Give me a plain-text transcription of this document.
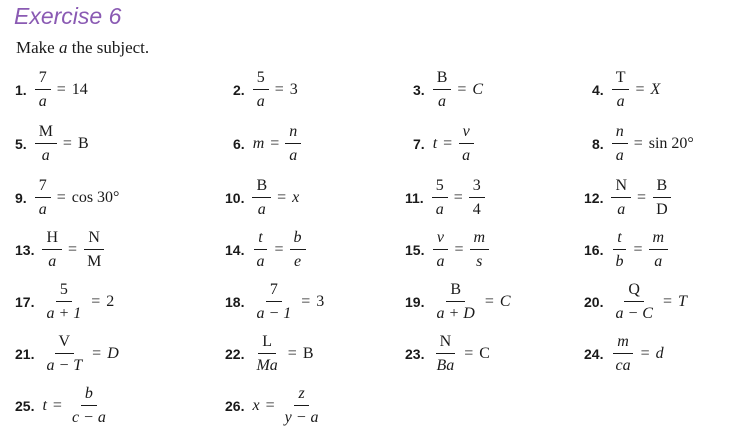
Exercise 6
Make a the subject.
1. $\frac{7}{a} = 14$	2. $\frac{5}{a} = 3$	3. $\frac{B}{a} = C$	4. $\frac{T}{a} = X$
5. $\frac{M}{a} = B$	6. $m = \frac{n}{a}$	7. $t = \frac{v}{a}$	8. $\frac{n}{a} = \sin 20^\circ$
9. $\frac{7}{a} = \cos 30^\circ$	10. $\frac{B}{a} = x$	11. $\frac{5}{a} = \frac{3}{4}$	12. $\frac{N}{a} = \frac{B}{D}$
13. $\frac{H}{a} = \frac{N}{M}$	14. $\frac{t}{a} = \frac{b}{e}$	15. $\frac{v}{a} = \frac{m}{s}$	16. $\frac{t}{b} = \frac{m}{a}$
17. $\frac{5}{a + 1} = 2$	18. $\frac{7}{a - 1} = 3$	19. $\frac{B}{a + D} = C$	20. $\frac{Q}{a - C} = T$
21. $\frac{V}{a - T} = D$	22. $\frac{L}{Ma} = B$	23. $\frac{N}{Ba} = C$	24. $\frac{m}{ca} = d$
25. $t = \frac{b}{c - a}$	26. $x = \frac{z}{y - a}$
